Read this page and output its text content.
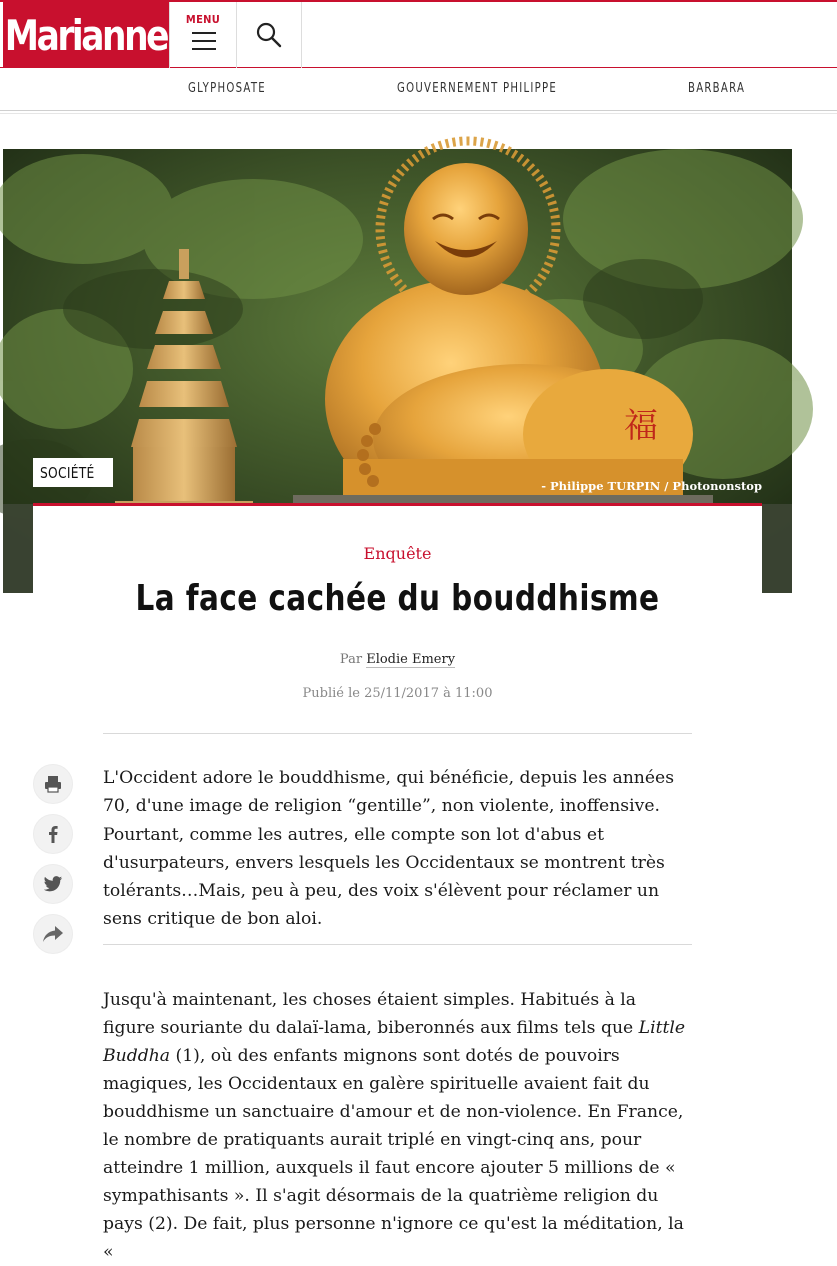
Marianne	MENU
GLYPHOSATE	GOUVERNEMENT PHILIPPE	BARBARA
福
SOCIÉTÉ
- Philippe TURPIN / Photononstop
Enquête
La face cachée du bouddhisme
Par Elodie Emery
Publié le 25/11/2017 à 11:00

L'Occident adore le bouddhisme, qui bénéficie, depuis les années 70, d'une image de religion “gentille”, non violente, inoffensive. Pourtant, comme les autres, elle compte son lot d'abus et d'usurpateurs, envers lesquels les Occidentaux se montrent très tolérants…Mais, peu à peu, des voix s'élèvent pour réclamer un sens critique de bon aloi.

Jusqu'à maintenant, les choses étaient simples. Habitués à la figure souriante du dalaï-lama, biberonnés aux films tels que Little Buddha (1), où des enfants mignons sont dotés de pouvoirs magiques, les Occidentaux en galère spirituelle avaient fait du bouddhisme un sanctuaire d'amour et de non-violence. En France, le nombre de pratiquants aurait triplé en vingt-cinq ans, pour atteindre 1 million, auxquels il faut encore ajouter 5 millions de « sympathisants ». Il s'agit désormais de la quatrième religion du pays (2). De fait, plus personne n'ignore ce qu'est la méditation, la «
